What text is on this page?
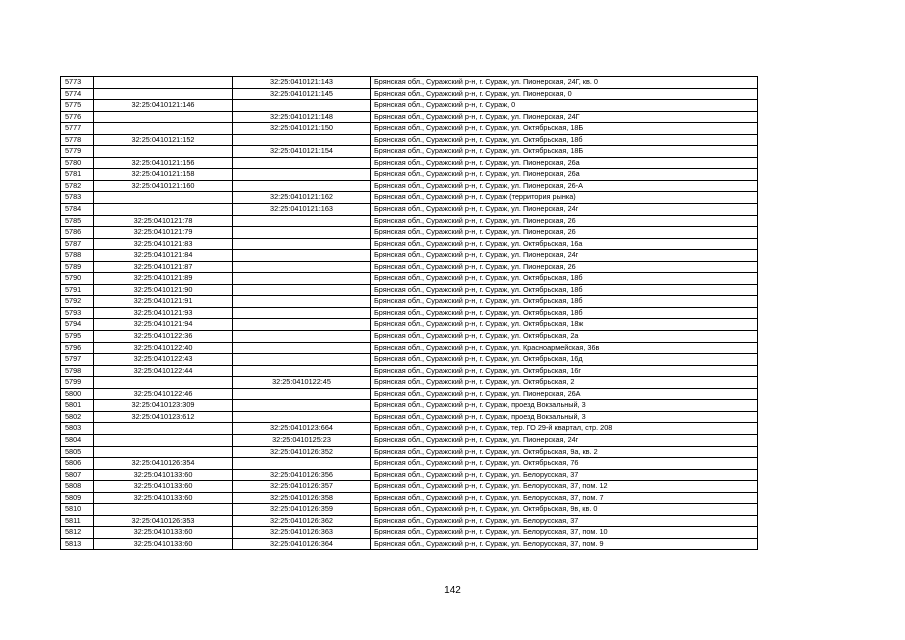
5773		32:25:0410121:143	Брянская обл., Суражский р-н, г. Сураж, ул. Пионерская, 24Г, кв. 0
5774		32:25:0410121:145	Брянская обл., Суражский р-н, г. Сураж, ул. Пионерская, 0
5775	32:25:0410121:146		Брянская обл., Суражский р-н, г. Сураж, 0
5776		32:25:0410121:148	Брянская обл., Суражский р-н, г. Сураж, ул. Пионерская, 24Г
5777		32:25:0410121:150	Брянская обл., Суражский р-н, г. Сураж, ул. Октябрьская, 18Б
5778	32:25:0410121:152		Брянская обл., Суражский р-н, г. Сураж, ул. Октябрьская, 18б
5779		32:25:0410121:154	Брянская обл., Суражский р-н, г. Сураж, ул. Октябрьская, 18Б
5780	32:25:0410121:156		Брянская обл., Суражский р-н, г. Сураж, ул. Пионерская, 26а
5781	32:25:0410121:158		Брянская обл., Суражский р-н, г. Сураж, ул. Пионерская, 26а
5782	32:25:0410121:160		Брянская обл., Суражский р-н, г. Сураж, ул. Пионерская, 26-А
5783		32:25:0410121:162	Брянская обл., Суражский р-н, г. Сураж (территория рынка)
5784		32:25:0410121:163	Брянская обл., Суражский р-н, г. Сураж, ул. Пионерская, 24г
5785	32:25:0410121:78		Брянская обл., Суражский р-н, г. Сураж, ул. Пионерская, 26
5786	32:25:0410121:79		Брянская обл., Суражский р-н, г. Сураж, ул. Пионерская, 26
5787	32:25:0410121:83		Брянская обл., Суражский р-н, г. Сураж, ул. Октябрьская, 16а
5788	32:25:0410121:84		Брянская обл., Суражский р-н, г. Сураж, ул. Пионерская, 24г
5789	32:25:0410121:87		Брянская обл., Суражский р-н, г. Сураж, ул. Пионерская, 26
5790	32:25:0410121:89		Брянская обл., Суражский р-н, г. Сураж, ул. Октябрьская, 18б
5791	32:25:0410121:90		Брянская обл., Суражский р-н, г. Сураж, ул. Октябрьская, 18б
5792	32:25:0410121:91		Брянская обл., Суражский р-н, г. Сураж, ул. Октябрьская, 18б
5793	32:25:0410121:93		Брянская обл., Суражский р-н, г. Сураж, ул. Октябрьская, 18б
5794	32:25:0410121:94		Брянская обл., Суражский р-н, г. Сураж, ул. Октябрьская, 18ж
5795	32:25:0410122:36		Брянская обл., Суражский р-н, г. Сураж, ул. Октябрьская, 2а
5796	32:25:0410122:40		Брянская обл., Суражский р-н, г. Сураж, ул. Красноармейская, 36в
5797	32:25:0410122:43		Брянская обл., Суражский р-н, г. Сураж, ул. Октябрьская, 16д
5798	32:25:0410122:44		Брянская обл., Суражский р-н, г. Сураж, ул. Октябрьская, 16г
5799		32:25:0410122:45	Брянская обл., Суражский р-н, г. Сураж, ул. Октябрьская, 2
5800	32:25:0410122:46		Брянская обл., Суражский р-н, г. Сураж, ул. Пионерская, 26А
5801	32:25:0410123:309		Брянская обл., Суражский р-н, г. Сураж, проезд Вокзальный, 3
5802	32:25:0410123:612		Брянская обл., Суражский р-н, г. Сураж, проезд Вокзальный, 3
5803		32:25:0410123:664	Брянская обл., Суражский р-н, г. Сураж, тер. ГО 29-й квартал, стр. 208
5804		32:25:0410125:23	Брянская обл., Суражский р-н, г. Сураж, ул. Пионерская, 24г
5805		32:25:0410126:352	Брянская обл., Суражский р-н, г. Сураж, ул. Октябрьская, 9а, кв. 2
5806	32:25:0410126:354		Брянская обл., Суражский р-н, г. Сураж, ул. Октябрьская, 76
5807	32:25:0410133:60	32:25:0410126:356	Брянская обл., Суражский р-н, г. Сураж, ул. Белорусская, 37
5808	32:25:0410133:60	32:25:0410126:357	Брянская обл., Суражский р-н, г. Сураж, ул. Белорусская, 37, пом. 12
5809	32:25:0410133:60	32:25:0410126:358	Брянская обл., Суражский р-н, г. Сураж, ул. Белорусская, 37, пом. 7
5810		32:25:0410126:359	Брянская обл., Суражский р-н, г. Сураж, ул. Октябрьская, 9в, кв. 0
5811	32:25:0410126:353	32:25:0410126:362	Брянская обл., Суражский р-н, г. Сураж, ул. Белорусская, 37
5812	32:25:0410133:60	32:25:0410126:363	Брянская обл., Суражский р-н, г. Сураж, ул. Белорусская, 37, пом. 10
5813	32:25:0410133:60	32:25:0410126:364	Брянская обл., Суражский р-н, г. Сураж, ул. Белорусская, 37, пом. 9
142
